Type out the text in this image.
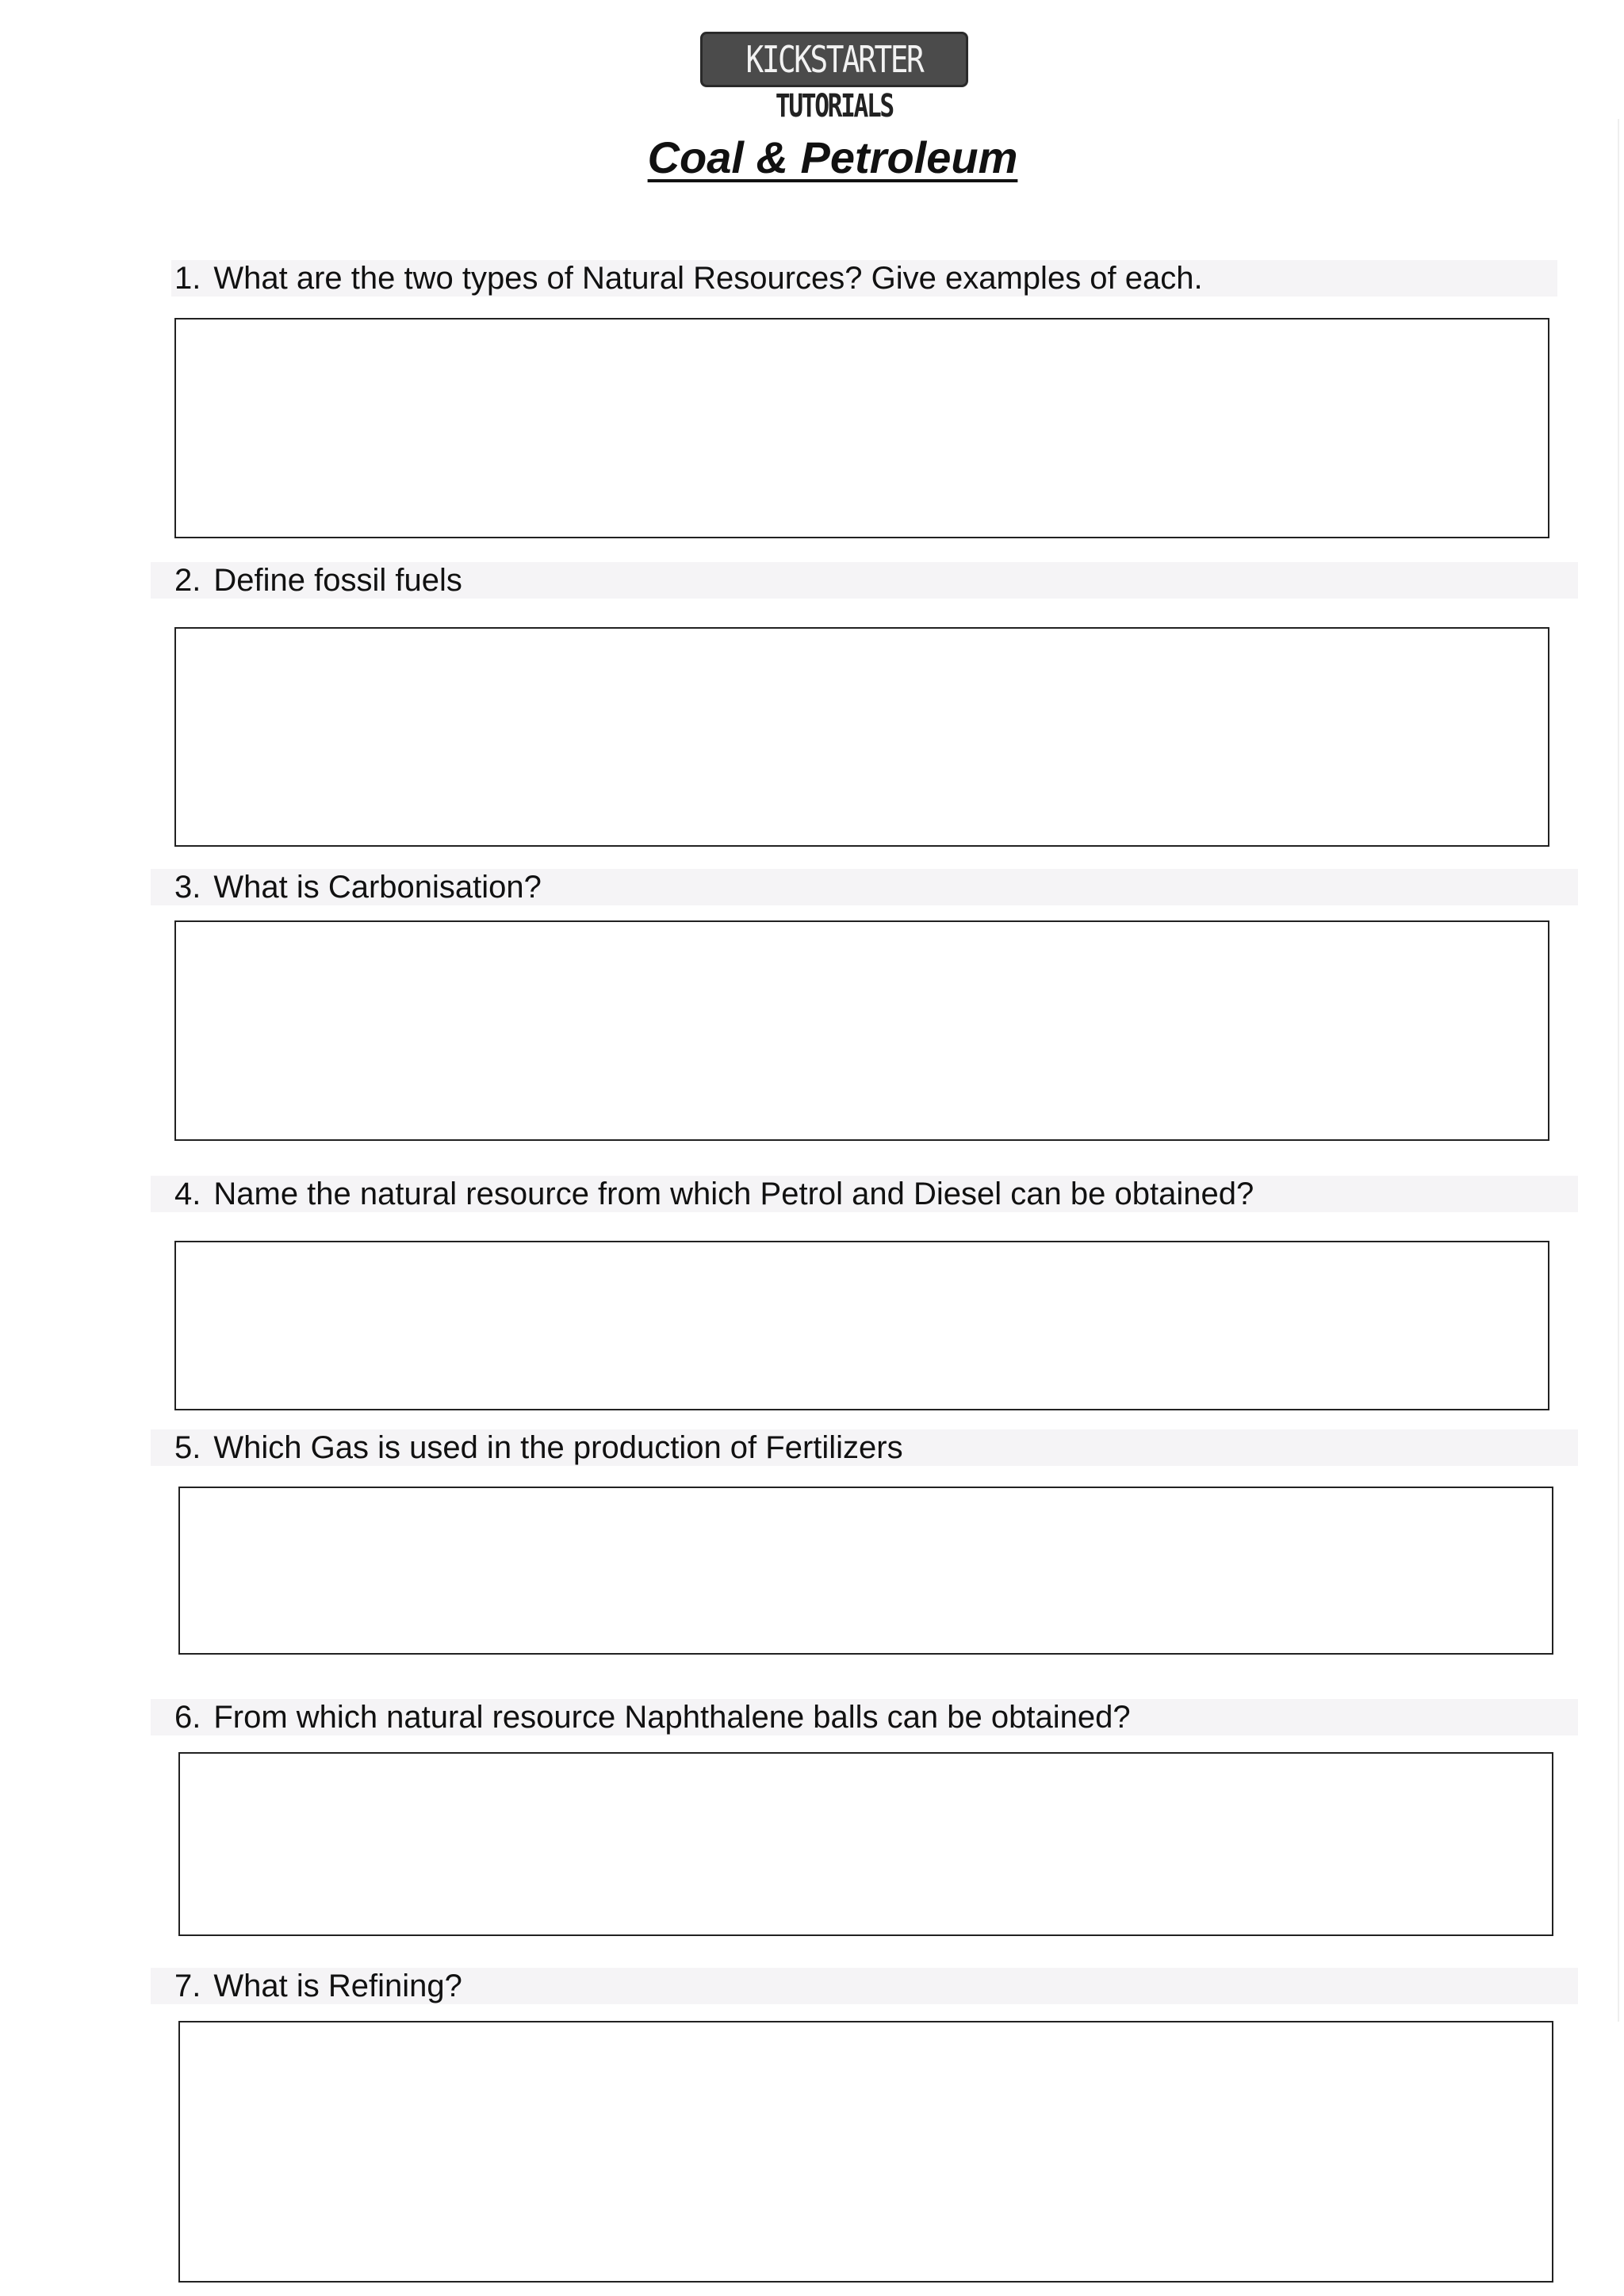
KICKSTARTER
TUTORIALS
Coal & Petroleum
1. What are the two types of Natural Resources? Give examples of each.
2. Define fossil fuels
3. What is Carbonisation?
4. Name the natural resource from which Petrol and Diesel can be obtained?
5. Which Gas is used in the production of Fertilizers
6. From which natural resource Naphthalene balls can be obtained?
7. What is Refining?
